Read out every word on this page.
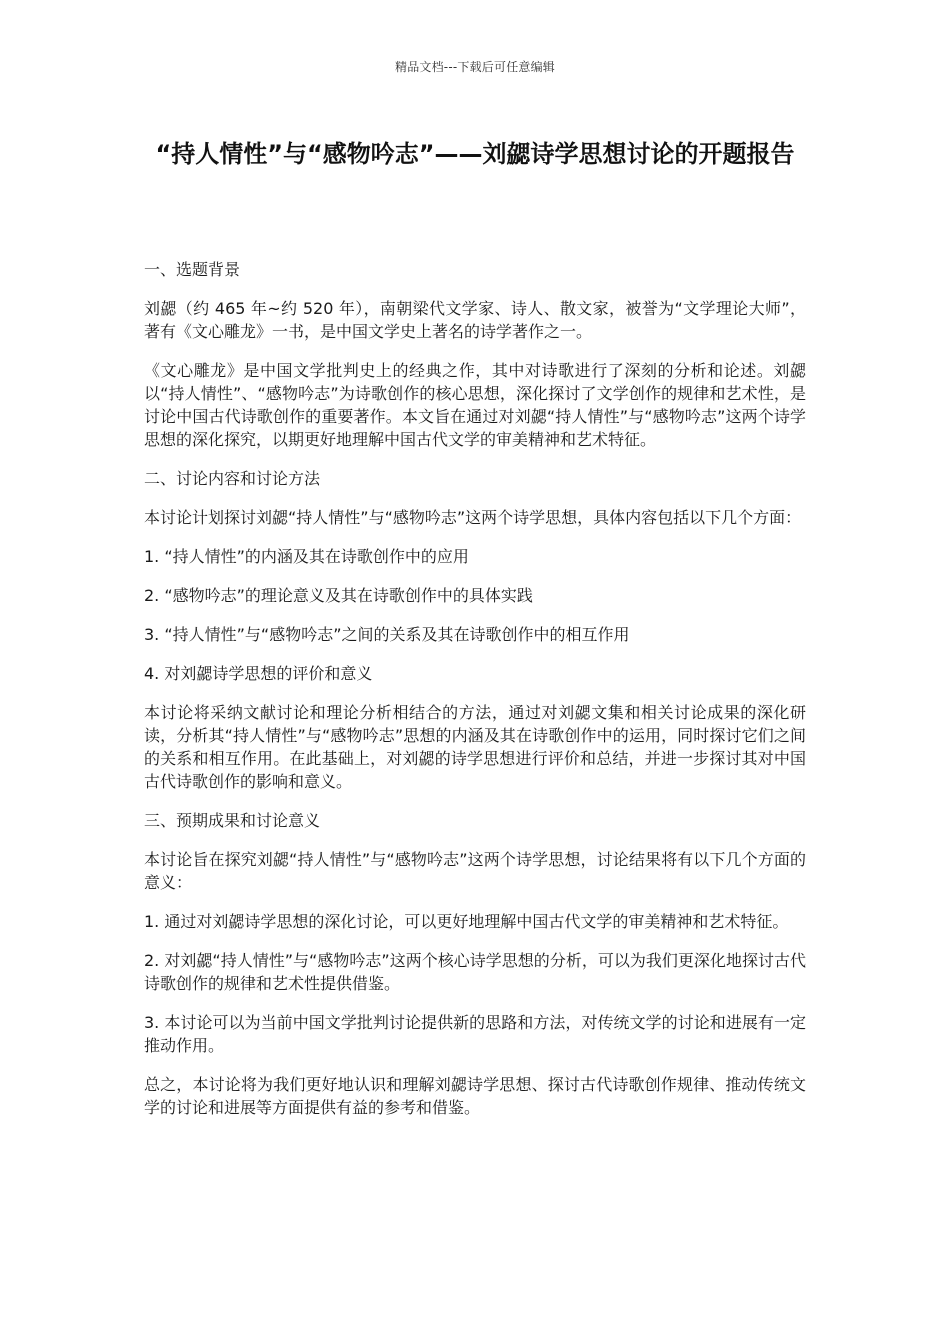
精品文档---下载后可任意编辑
“持人情性”与“感物吟志”——刘勰诗学思想讨论的开题报告

一、选题背景

刘勰（约 465 年~约 520 年），南朝梁代文学家、诗人、散文家，被誉为“文学理论大师”，著有《文心雕龙》一书，是中国文学史上著名的诗学著作之一。

《文心雕龙》是中国文学批判史上的经典之作，其中对诗歌进行了深刻的分析和论述。刘勰以“持人情性”、“感物吟志”为诗歌创作的核心思想，深化探讨了文学创作的规律和艺术性，是讨论中国古代诗歌创作的重要著作。本文旨在通过对刘勰“持人情性”与“感物吟志”这两个诗学思想的深化探究，以期更好地理解中国古代文学的审美精神和艺术特征。

二、讨论内容和讨论方法

本讨论计划探讨刘勰“持人情性”与“感物吟志”这两个诗学思想，具体内容包括以下几个方面：

1. “持人情性”的内涵及其在诗歌创作中的应用

2. “感物吟志”的理论意义及其在诗歌创作中的具体实践

3. “持人情性”与“感物吟志”之间的关系及其在诗歌创作中的相互作用

4. 对刘勰诗学思想的评价和意义

本讨论将采纳文献讨论和理论分析相结合的方法，通过对刘勰文集和相关讨论成果的深化研读，分析其“持人情性”与“感物吟志”思想的内涵及其在诗歌创作中的运用，同时探讨它们之间的关系和相互作用。在此基础上，对刘勰的诗学思想进行评价和总结，并进一步探讨其对中国古代诗歌创作的影响和意义。

三、预期成果和讨论意义

本讨论旨在探究刘勰“持人情性”与“感物吟志”这两个诗学思想，讨论结果将有以下几个方面的意义：

1. 通过对刘勰诗学思想的深化讨论，可以更好地理解中国古代文学的审美精神和艺术特征。

2. 对刘勰“持人情性”与“感物吟志”这两个核心诗学思想的分析，可以为我们更深化地探讨古代诗歌创作的规律和艺术性提供借鉴。

3. 本讨论可以为当前中国文学批判讨论提供新的思路和方法，对传统文学的讨论和进展有一定推动作用。

总之，本讨论将为我们更好地认识和理解刘勰诗学思想、探讨古代诗歌创作规律、推动传统文学的讨论和进展等方面提供有益的参考和借鉴。
